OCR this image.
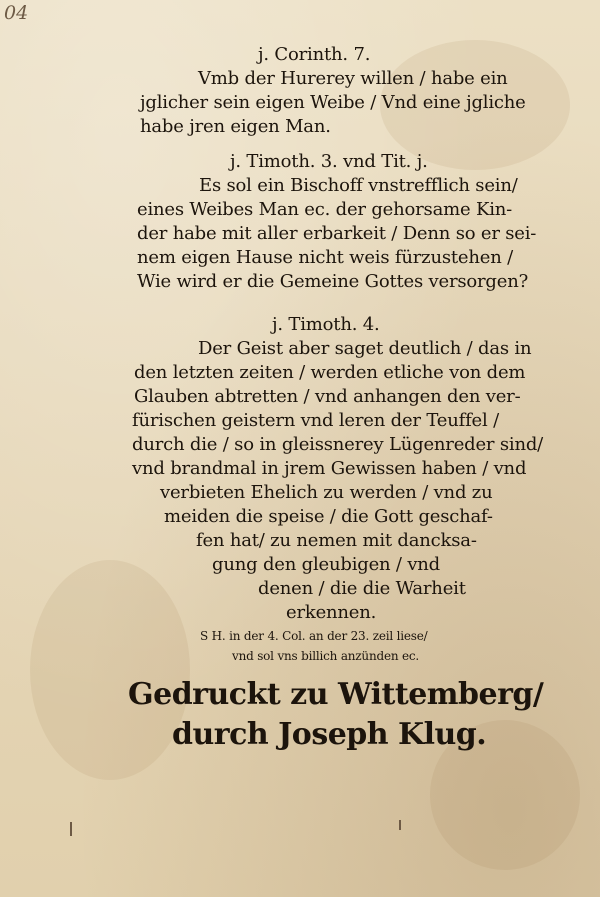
04
j. Corinth. 7.
Vmb der Hurerey willen / habe ein
jglicher sein eigen Weibe / Vnd eine jgliche
habe jren eigen Man.
j. Timoth. 3. vnd Tit. j.
Es sol ein Bischoff vnstrefflich sein/
eines Weibes Man ec. der gehorsame Kin-
der habe mit aller erbarkeit / Denn so er sei-
nem eigen Hause nicht weis fürzustehen /
Wie wird er die Gemeine Gottes versorgen?
j. Timoth. 4.
Der Geist aber saget deutlich / das in
den letzten zeiten / werden etliche von dem
Glauben abtretten / vnd anhangen den ver-
fürischen geistern vnd leren der Teuffel /
durch die / so in gleissnerey Lügenreder sind/
vnd brandmal in jrem Gewissen haben / vnd
verbieten Ehelich zu werden / vnd zu
meiden die speise / die Gott geschaf-
fen hat/ zu nemen mit dancksa-
gung den gleubigen / vnd
denen / die die Warheit
erkennen.
S H. in der 4. Col. an der 23. zeil liese/
vnd sol vns billich anzünden ec.
Gedruckt zu Wittemberg/
durch Joseph Klug.
